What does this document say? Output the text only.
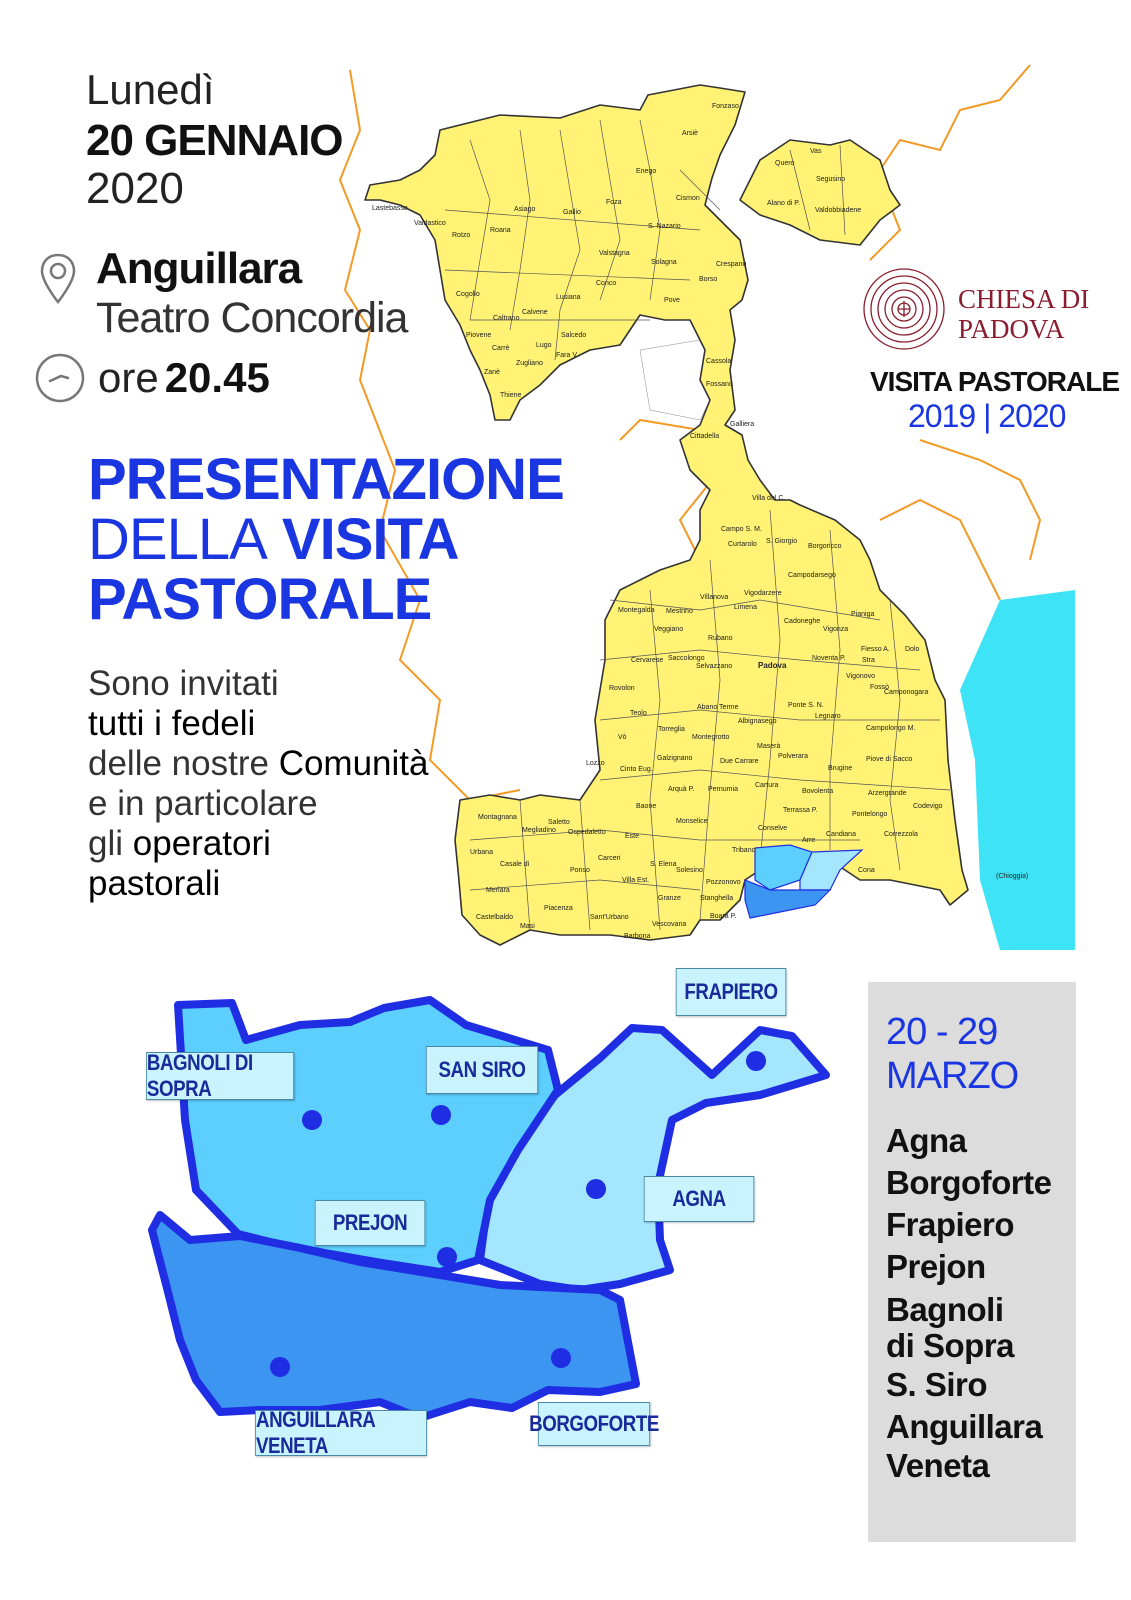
Fonzaso
Arsiè
Enego
Foza
Gallio
Asiago
Roana
Rotzo
Valdastico
Lastebasse
Cismon
S. Nazario
Valstagna
Solagna
Conco
Lusiana
Calvene
Caltrano
Cogollo
Piovene
Carrè
Zanè
Thiene
Lugo
Salcedo
Fara V.
Zugliano
Pove
Borso
Crespano
Cassola
Fossano
Galliera
Cittadella
Quero
Vas
Segusino
Alano di P.
Valdobbiadene
Villa del C.
Campo S. M.
Curtarolo S. Giorgio
Borgoricco
Campodarsego
Vigodarzere
Villanova
Mestrino
Limena
Padova
Cadoneghe
Vigonza
Pianiga
Dolo
Fiesso A.
Stra
Noventa P.
Vigonovo
Fossò
Camponogara
Montegalda
Veggiano
Rubano
Cervarese Saccolongo
Selvazzano
Rovolon
Teolo
Abano Terme	Ponte S. N.
Legnaro
Albignasego
Torreglia
Montegrotto
Maserà
Campolongo M.
Vò
Galzignano	Due Carrare
Polverara	Piove di Sacco
Lozzo
Cinto Eug.
Arquà P. Pernumia
Cartura
Bovolenta
Brugine
Arzergrande
Codevigo
Baone
Monselice
Terrassa P.
Pontelongo
Correzzola
Montagnana
Saletto
Megliadino Ospedaletto
Este
Conselve
Candiana
Cona
Urbana
Casale di
Merlara
Ponso
Carceri
S. Elena
Solesino
Tribano
Arre
Castelbaldo
Piacenza
Masi
Sant'Urbano
Villa Est.
Granze	Stanghella
Pozzonovo
Vescovana
Boara P.
Barbona
(Chioggia)
Lunedì
20 GENNAIO
2020
Anguillara
Teatro Concordia
ore 20.45
PRESENTAZIONE
DELLA VISITA
PASTORALE
Sono invitati
tutti i fedeli
delle nostre Comunità
e in particolare
gli operatori
pastorali
CHIESA DI
PADOVA
VISITA PASTORALE
2019 | 2020
FRAPIERO
BAGNOLI DI SOPRA
SAN SIRO
AGNA
PREJON
ANGUILLARA VENETA
BORGOFORTE
20 - 29
MARZO
Agna
Borgoforte
Frapiero
Prejon
Bagnoli
di Sopra
S. Siro
Anguillara
Veneta
